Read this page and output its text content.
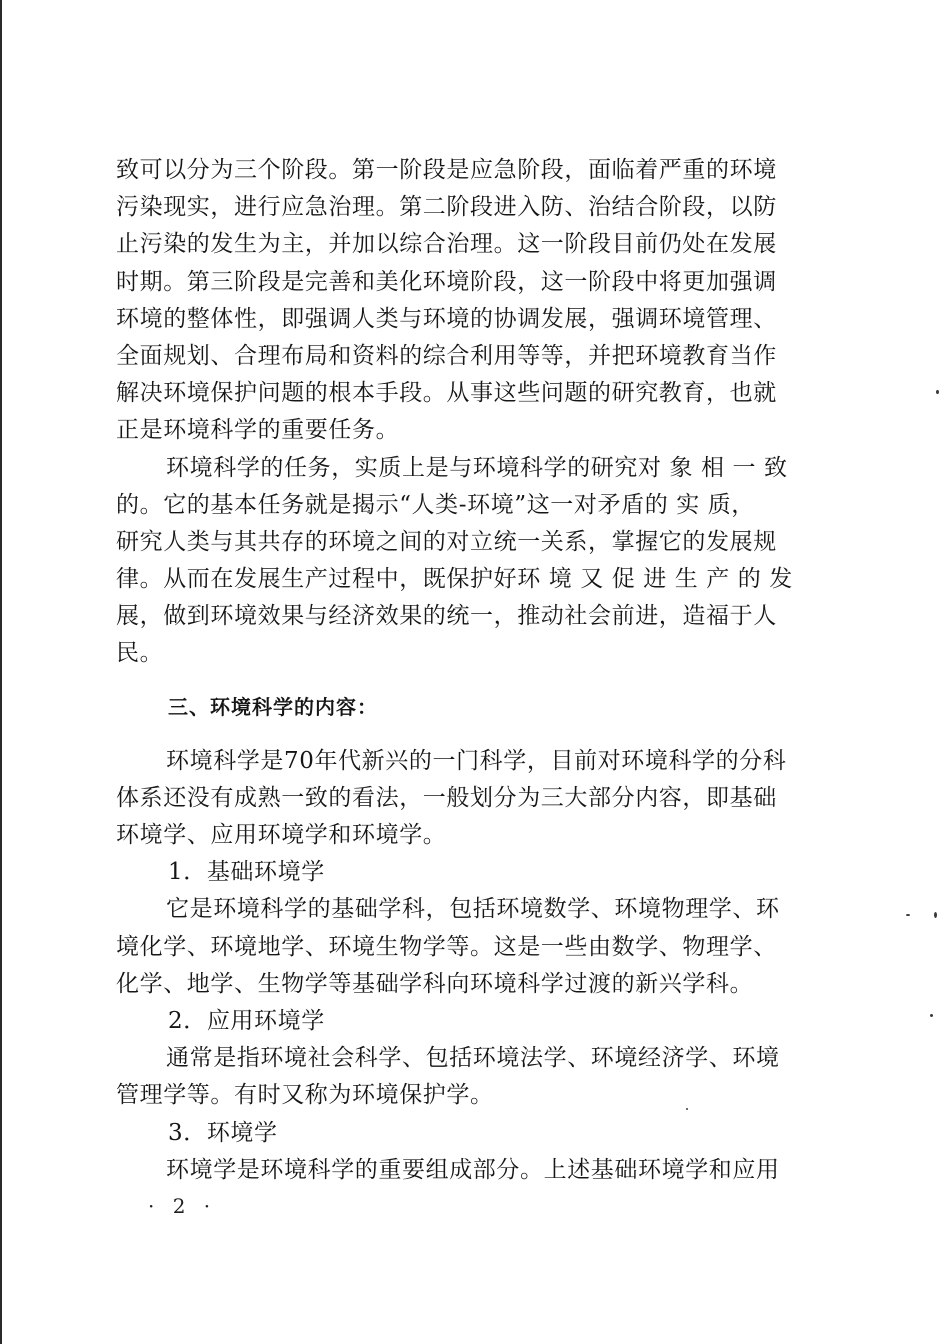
致可以分为三个阶段。第一阶段是应急阶段，面临着严重的环境
污染现实，进行应急治理。第二阶段进入防、治结合阶段，以防
止污染的发生为主，并加以综合治理。这一阶段目前仍处在发展
时期。第三阶段是完善和美化环境阶段，这一阶段中将更加强调
环境的整体性，即强调人类与环境的协调发展，强调环境管理、
全面规划、合理布局和资料的综合利用等等，并把环境教育当作
解决环境保护问题的根本手段。从事这些问题的研究教育，也就
正是环境科学的重要任务。
环境科学的任务，实质上是与环境科学的研究对 象 相 一 致
的。它的基本任务就是揭示“人类-环境”这一对矛盾的 实 质，
研究人类与其共存的环境之间的对立统一关系，掌握它的发展规
律。从而在发展生产过程中，既保护好环 境 又 促 进 生 产 的 发
展，做到环境效果与经济效果的统一，推动社会前进，造福于人
民。
三、环境科学的内容：
环境科学是70年代新兴的一门科学，目前对环境科学的分科
体系还没有成熟一致的看法，一般划分为三大部分内容，即基础
环境学、应用环境学和环境学。
1．基础环境学
它是环境科学的基础学科，包括环境数学、环境物理学、环
境化学、环境地学、环境生物学等。这是一些由数学、物理学、
化学、地学、生物学等基础学科向环境科学过渡的新兴学科。
2．应用环境学
通常是指环境社会科学、包括环境法学、环境经济学、环境
管理学等。有时又称为环境保护学。
3．环境学
环境学是环境科学的重要组成部分。上述基础环境学和应用
· 2 ·
